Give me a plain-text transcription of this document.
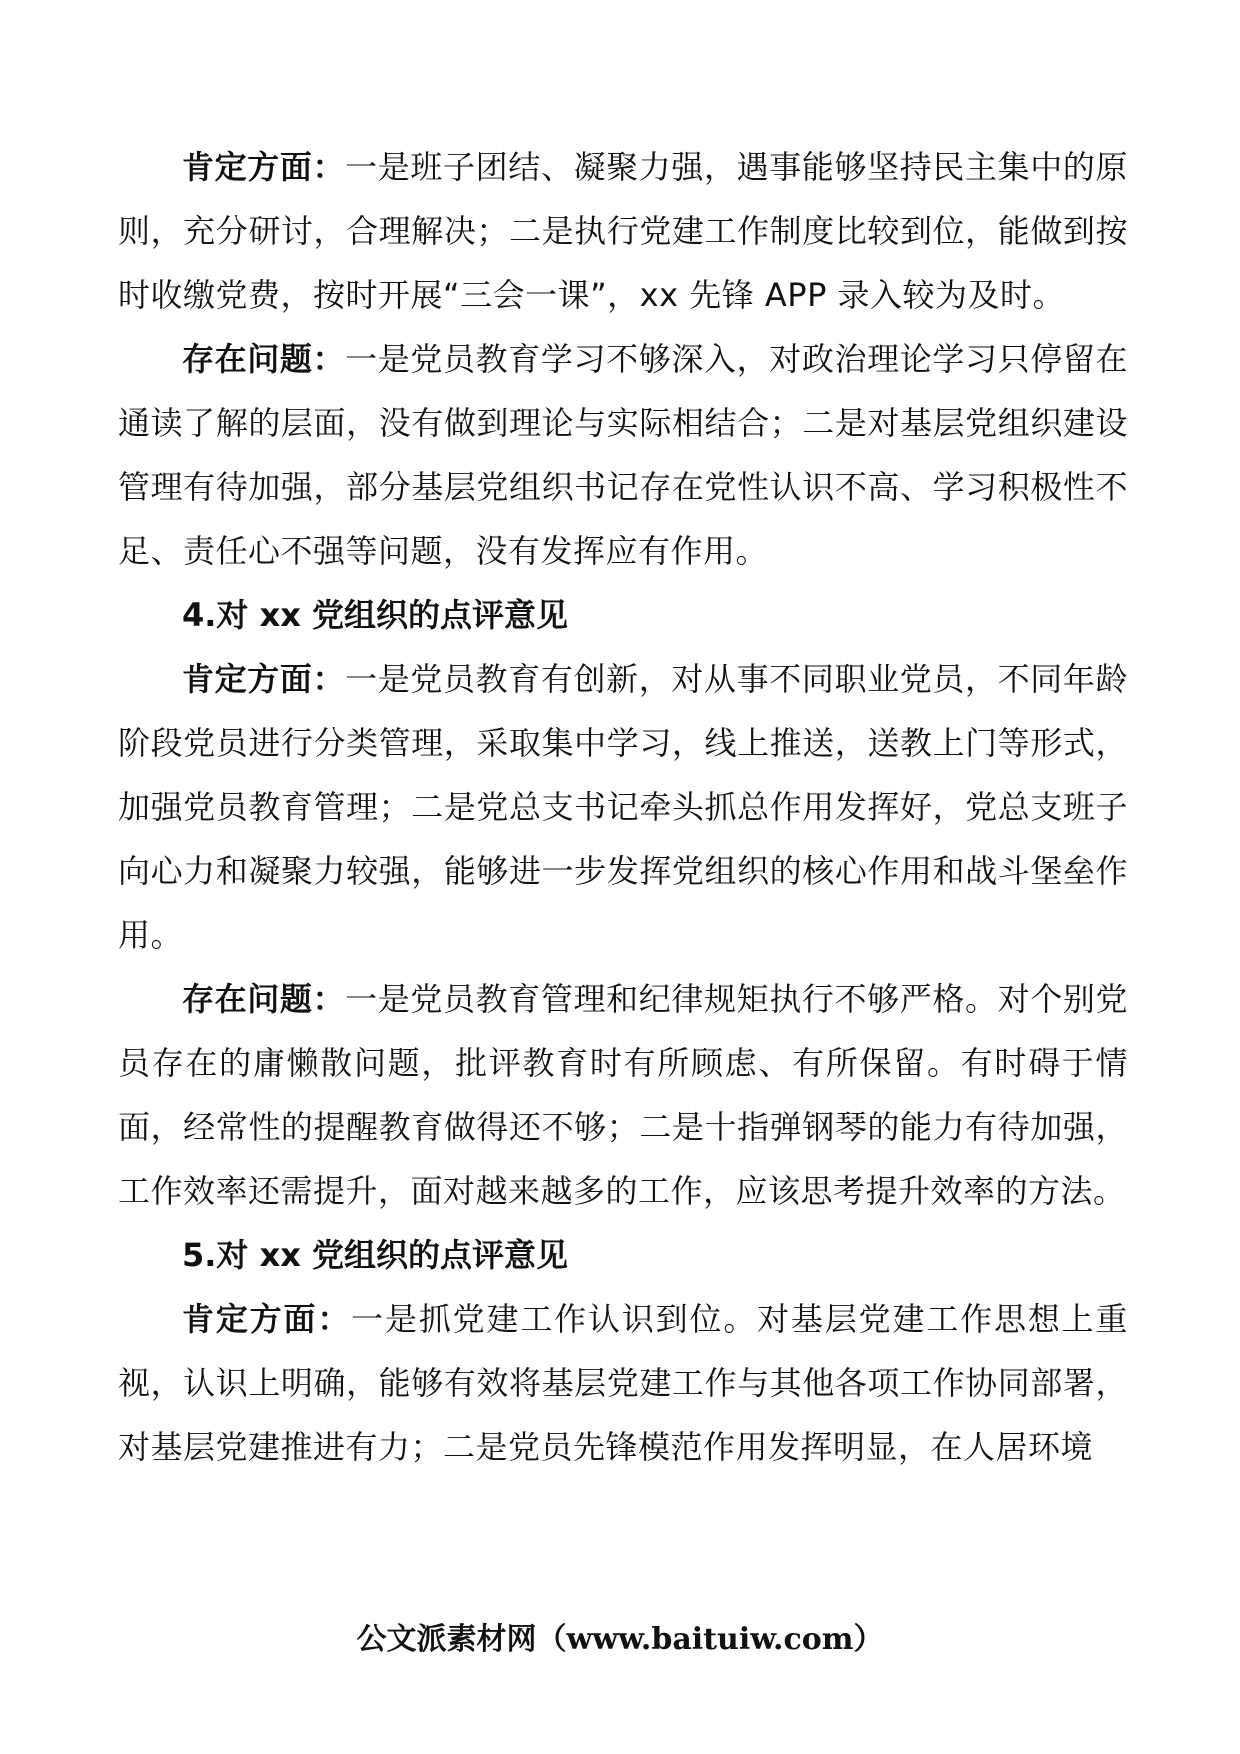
肯定方面：一是班子团结、凝聚力强，遇事能够坚持民主集中的原则，充分研讨，合理解决；二是执行党建工作制度比较到位，能做到按时收缴党费，按时开展“三会一课”，xx 先锋 APP 录入较为及时。

存在问题：一是党员教育学习不够深入，对政治理论学习只停留在通读了解的层面，没有做到理论与实际相结合；二是对基层党组织建设管理有待加强，部分基层党组织书记存在党性认识不高、学习积极性不足、责任心不强等问题，没有发挥应有作用。

4.对 xx 党组织的点评意见

肯定方面：一是党员教育有创新，对从事不同职业党员，不同年龄阶段党员进行分类管理，采取集中学习，线上推送，送教上门等形式，加强党员教育管理；二是党总支书记牵头抓总作用发挥好，党总支班子向心力和凝聚力较强，能够进一步发挥党组织的核心作用和战斗堡垒作用。

存在问题：一是党员教育管理和纪律规矩执行不够严格。对个别党员存在的庸懒散问题，批评教育时有所顾虑、有所保留。有时碍于情面，经常性的提醒教育做得还不够；二是十指弹钢琴的能力有待加强，工作效率还需提升，面对越来越多的工作，应该思考提升效率的方法。

5.对 xx 党组织的点评意见

肯定方面：一是抓党建工作认识到位。对基层党建工作思想上重视，认识上明确，能够有效将基层党建工作与其他各项工作协同部署，对基层党建推进有力；二是党员先锋模范作用发挥明显，在人居环境

公文派素材网（www.baituiw.com）
